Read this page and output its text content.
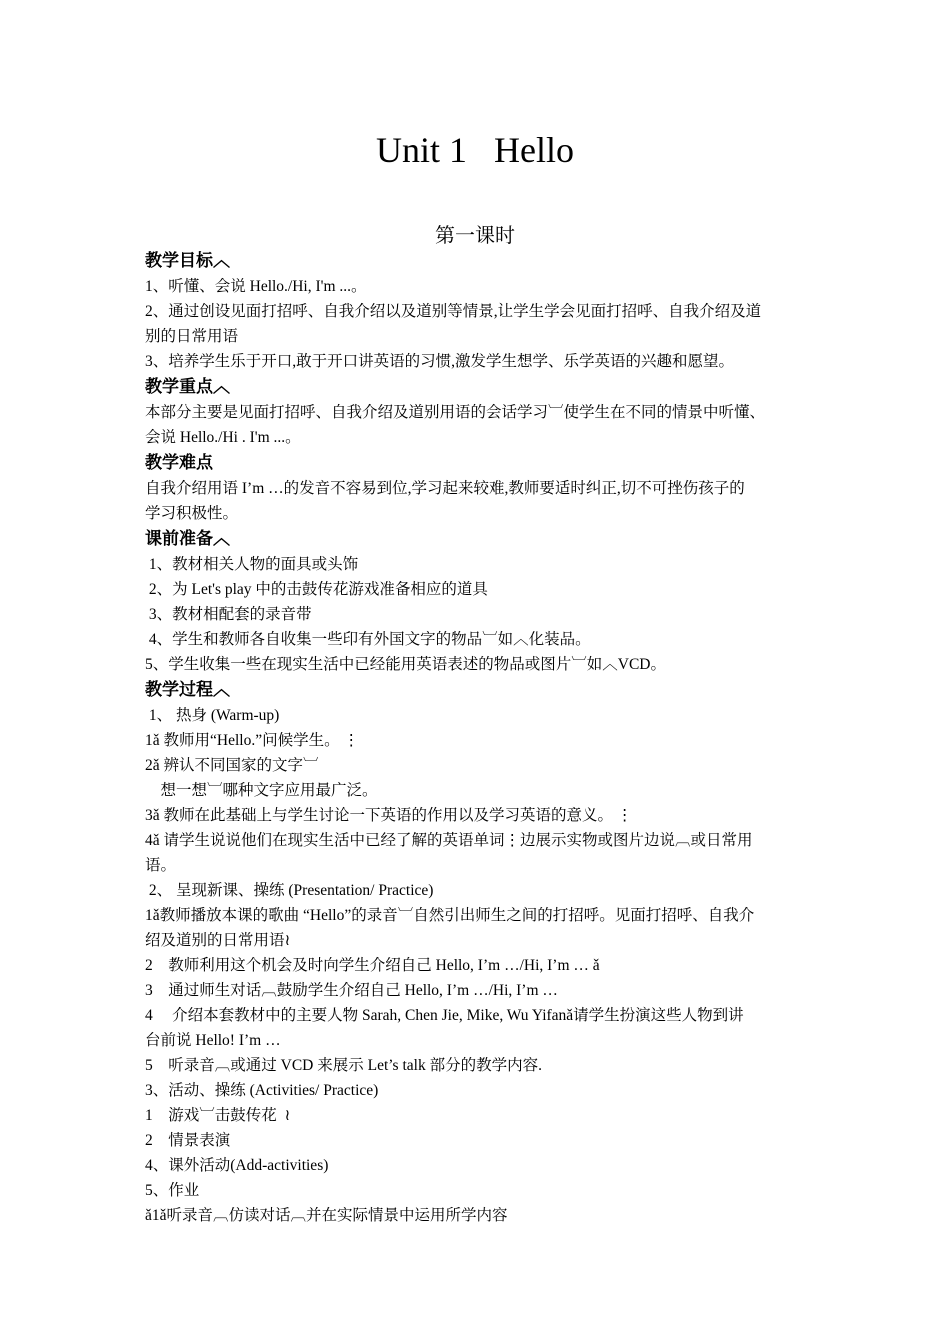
Unit 1   Hello
第一课时

教学目标︿

1、听懂、会说 Hello./Hi, I'm ...。

2、通过创设见面打招呼、自我介绍以及道别等情景,让学生学会见面打招呼、自我介绍及道

别的日常用语

3、培养学生乐于开口,敢于开口讲英语的习惯,激发学生想学、乐学英语的兴趣和愿望。

教学重点︿

本部分主要是见面打招呼、自我介绍及道别用语的会话学习︺使学生在不同的情景中听懂、

会说 Hello./Hi . I'm ...。

教学难点

自我介绍用语 I’m …的发音不容易到位,学习起来较难,教师要适时纠正,切不可挫伤孩子的

学习积极性。

课前准备︿

1、教材相关人物的面具或头饰

2、为 Let's play 中的击鼓传花游戏准备相应的道具

3、教材相配套的录音带

4、学生和教师各自收集一些印有外国文字的物品︺如︿化装品。

5、学生收集一些在现实生活中已经能用英语表述的物品或图片︺如︿VCD。

教学过程︿

1、 热身 (Warm-up)

1ǎ 教师用“Hello.”问候学生。 ⋮

2ǎ 辨认不同国家的文字︺

想一想︺哪种文字应用最广泛。

3ǎ 教师在此基础上与学生讨论一下英语的作用以及学习英语的意义。 ⋮

4ǎ 请学生说说他们在现实生活中已经了解的英语单词⋮边展示实物或图片边说︹或日常用

语。

2、 呈现新课、操练 (Presentation/ Practice)

1ǎ教师播放本课的歌曲 “Hello”的录音︺自然引出师生之间的打招呼。见面打招呼、自我介

绍及道别的日常用语≀

2    教师利用这个机会及时向学生介绍自己 Hello, I’m …/Hi, I’m … ǎ

3    通过师生对话︹鼓励学生介绍自己 Hello, I’m …/Hi, I’m …

4     介绍本套教材中的主要人物 Sarah, Chen Jie, Mike, Wu Yifanǎ请学生扮演这些人物到讲

台前说 Hello! I’m …

5    听录音︹或通过 VCD 来展示 Let’s talk 部分的教学内容.

3、活动、操练 (Activities/ Practice)

1    游戏︺击鼓传花  ≀

2    情景表演

4、课外活动(Add-activities)

5、作业

ǎ1ǎ听录音︹仿读对话︹并在实际情景中运用所学内容
